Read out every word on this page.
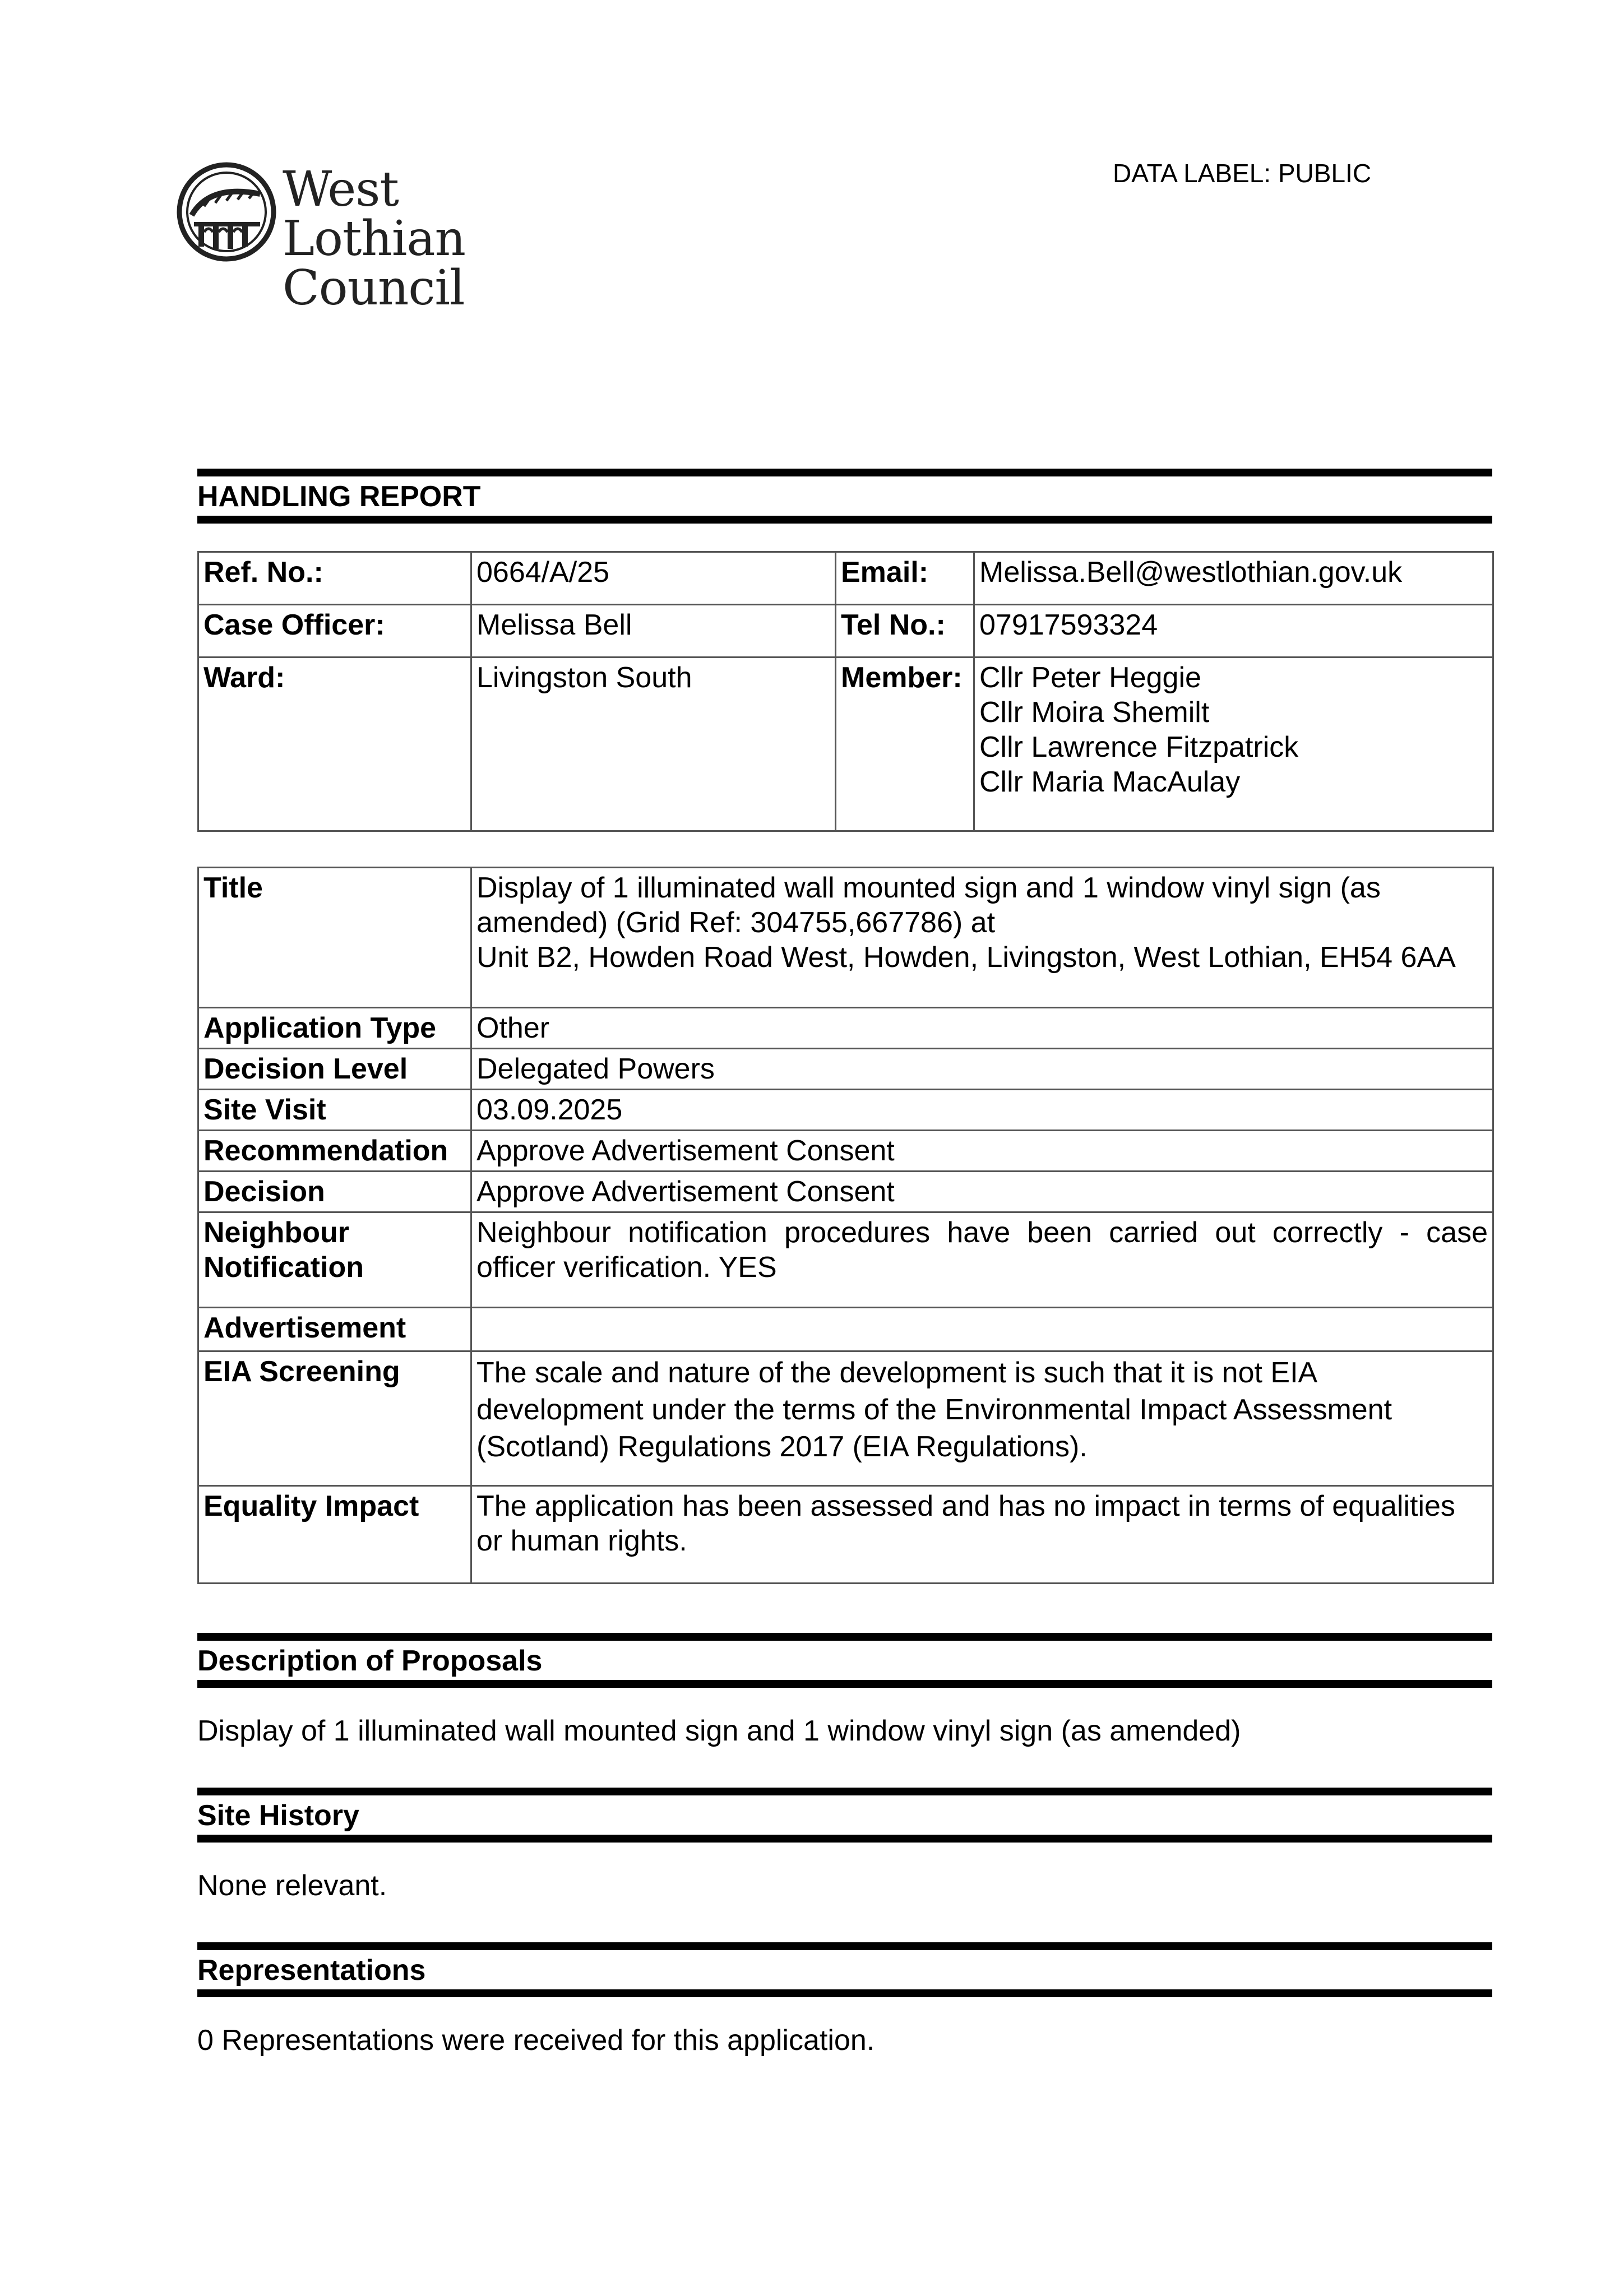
DATA LABEL: PUBLIC
West Lothian
Council
HANDLING REPORT
Ref. No.:	0664/A/25	Email:	Melissa.Bell@westlothian.gov.uk
Case Officer:	Melissa Bell	Tel No.:	07917593324
Ward:	Livingston South	Member:	Cllr Peter Heggie
Cllr Moira Shemilt
Cllr Lawrence Fitzpatrick
Cllr Maria MacAulay
Title	Display of 1 illuminated wall mounted sign and 1 window vinyl sign (as amended) (Grid Ref: 304755,667786) at
Unit B2, Howden Road West, Howden, Livingston, West Lothian, EH54 6AA

Application Type	Other
Decision Level	Delegated Powers
Site Visit	03.09.2025
Recommendation	Approve Advertisement Consent
Decision	Approve Advertisement Consent

Neighbour
Notification	Neighbour notification procedures have been carried out correctly - case officer verification. YES
Advertisement	
EIA Screening	The scale and nature of the development is such that it is not EIA development under the terms of the Environmental Impact Assessment (Scotland) Regulations 2017 (EIA Regulations).
Equality Impact	The application has been assessed and has no impact in terms of equalities or human rights.
Description of Proposals
Display of 1 illuminated wall mounted sign and 1 window vinyl sign (as amended)
Site History
None relevant.
Representations
0 Representations were received for this application.
